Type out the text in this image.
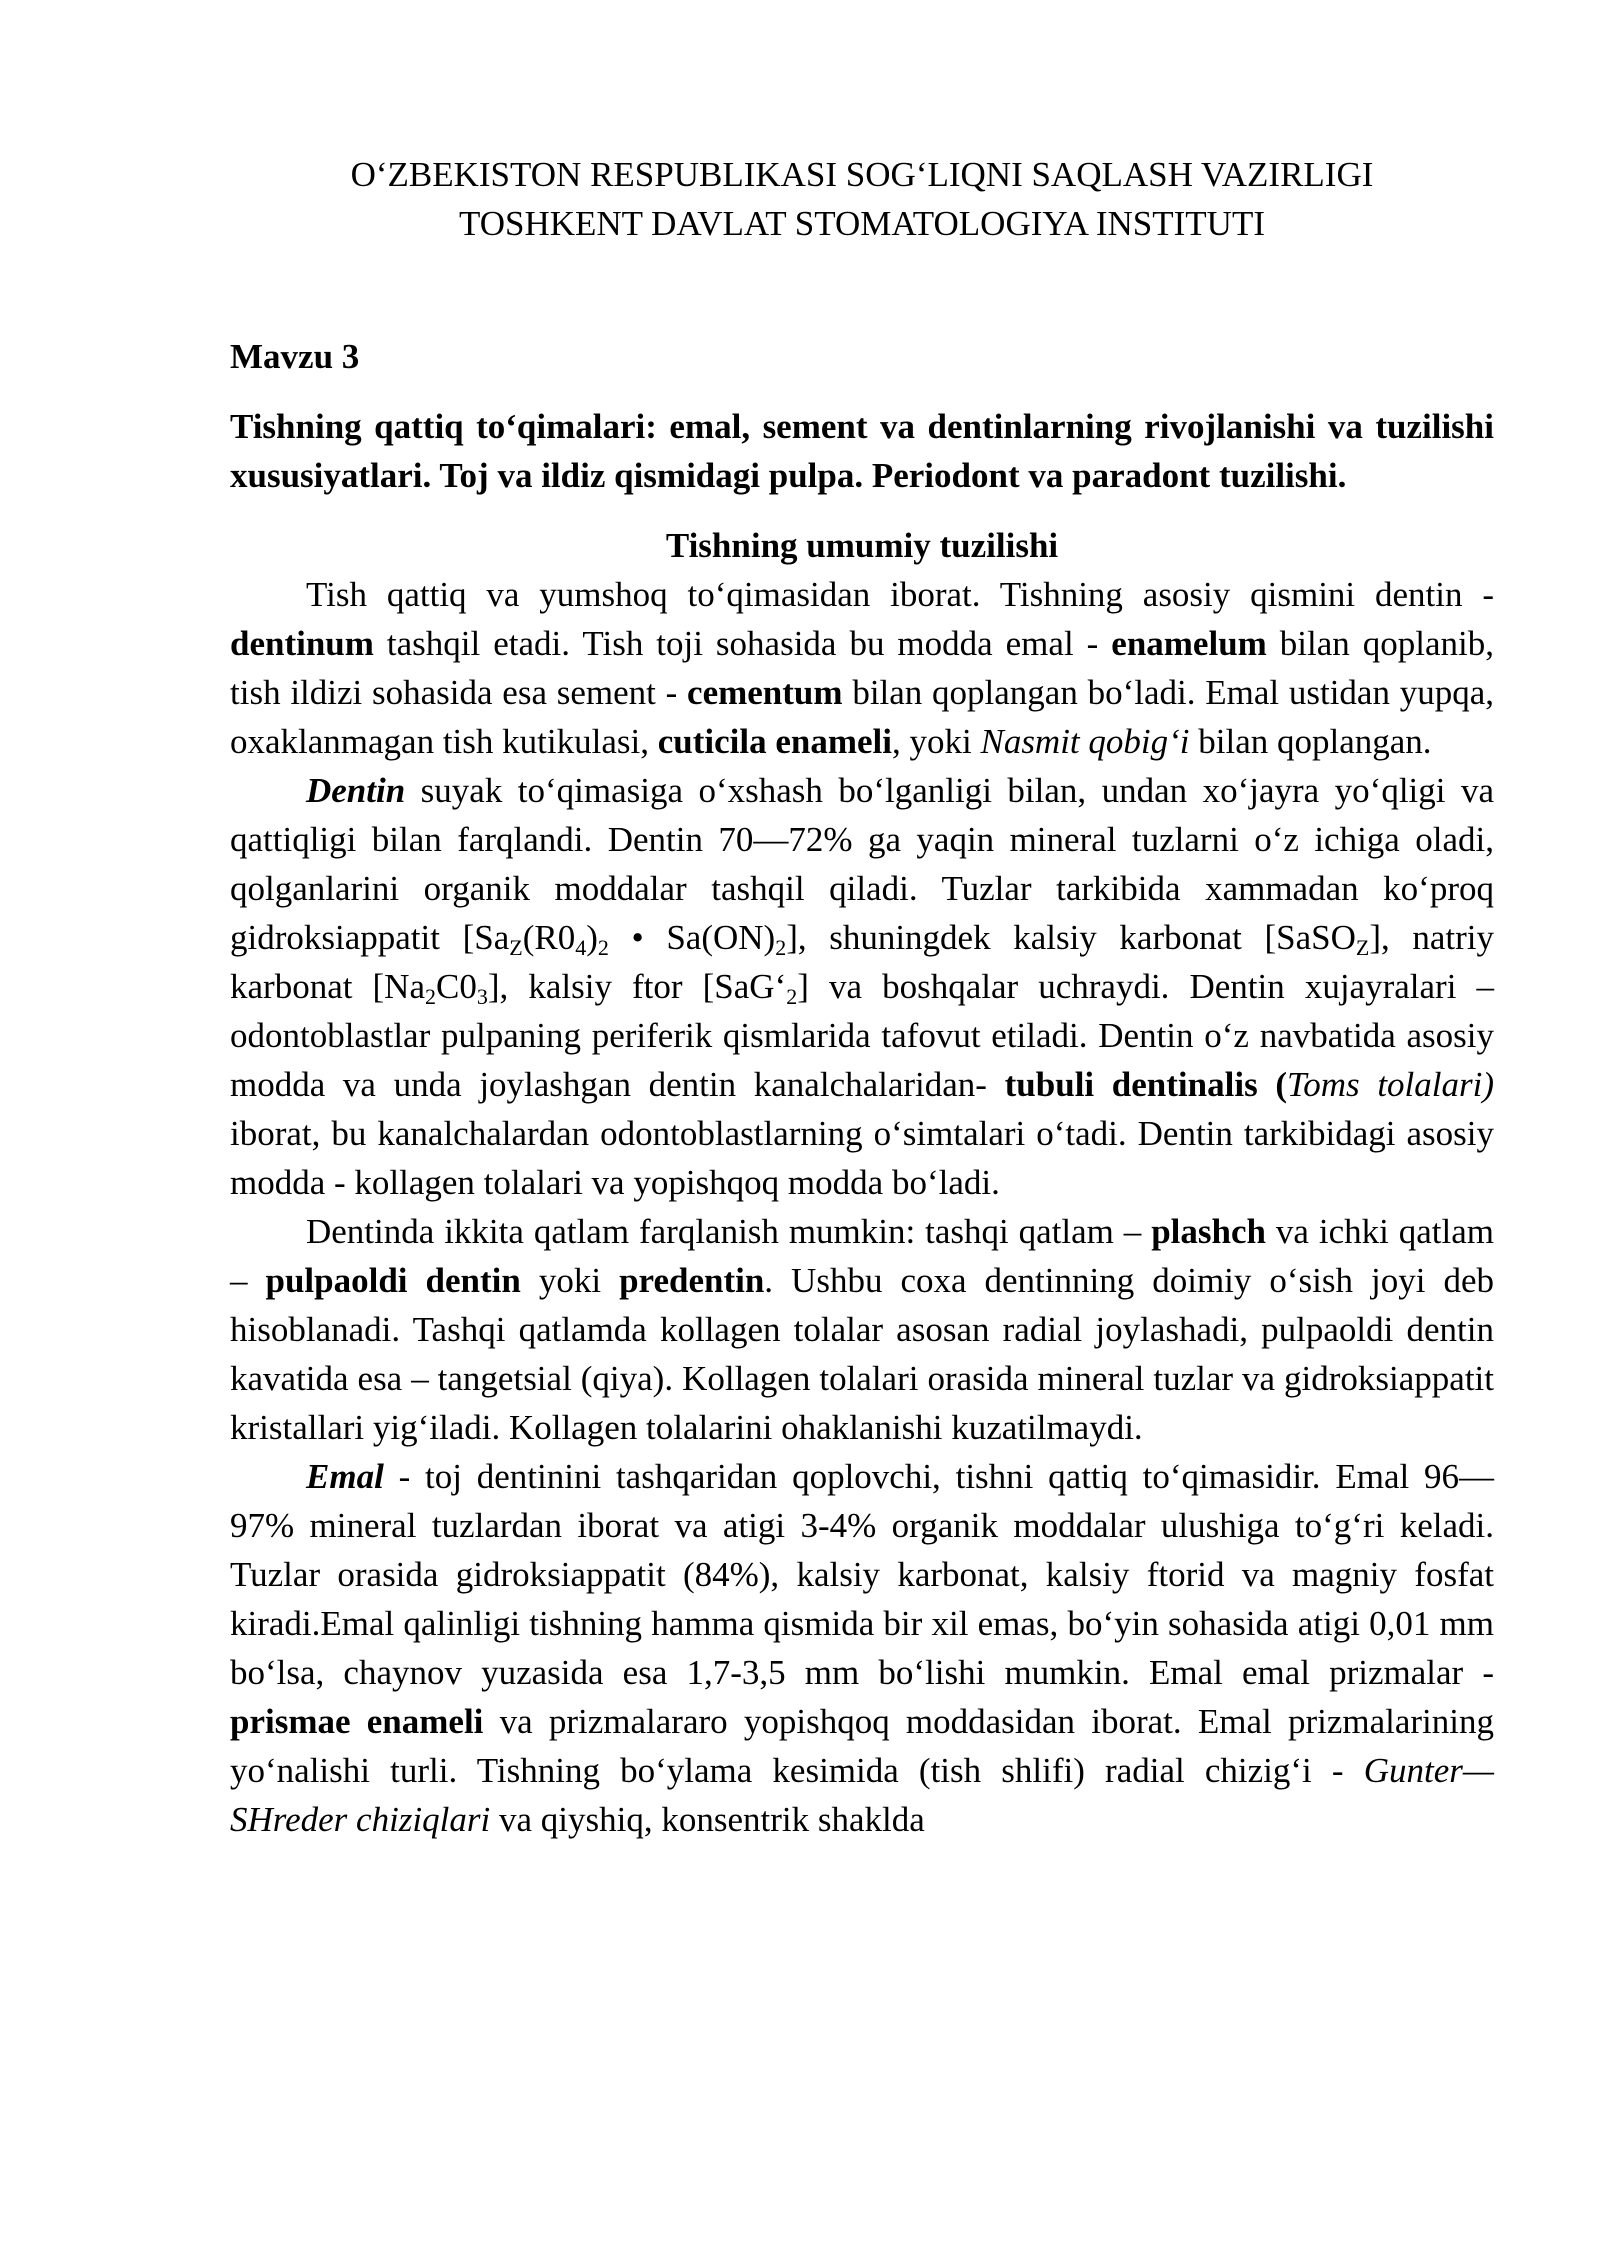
O‘ZBEKISTON RESPUBLIKASI SOG‘LIQNI SAQLASH VAZIRLIGI
TOSHKENT DAVLAT STOMATOLOGIYA INSTITUTI
Mavzu 3
Tishning qattiq to‘qimalari: emal, sement va dentinlarning rivojlanishi va tuzilishi xususiyatlari. Toj va ildiz qismidagi pulpa. Periodont va paradont tuzilishi.
Tishning umumiy tuzilishi

Tish qattiq va yumshoq to‘qimasidan iborat. Tishning asosiy qismini dentin - dentinum tashqil etadi. Tish toji sohasida bu modda emal - enamelum bilan qoplanib, tish ildizi sohasida esa sement - cementum bilan qoplangan bo‘ladi. Emal ustidan yupqa, oxaklanmagan tish kutikulasi, cuticila enameli, yoki Nasmit qobig‘i bilan qoplangan.

Dentin suyak to‘qimasiga o‘xshash bo‘lganligi bilan, undan xo‘jayra yo‘qligi va qattiqligi bilan farqlandi. Dentin 70—72% ga yaqin mineral tuzlarni o‘z ichiga oladi, qolganlarini organik moddalar tashqil qiladi. Tuzlar tarkibida xammadan ko‘proq gidroksiappatit [$Sa_Z(R0_4)_2$ • $Sa(ON)_2$], shuningdek kalsiy karbonat [SaSO$_Z$], natriy karbonat $[Na_2C0_3]$, kalsiy ftor $[SaG‘_2]$ va boshqalar uchraydi. Dentin xujayralari – odontoblastlar pulpaning periferik qismlarida tafovut etiladi. Dentin o‘z navbatida asosiy modda va unda joylashgan dentin kanalchalaridan- tubuli dentinalis (Toms tolalari) iborat, bu kanalchalardan odontoblastlarning o‘simtalari o‘tadi. Dentin tarkibidagi asosiy modda - kollagen tolalari va yopishqoq modda bo‘ladi.

Dentinda ikkita qatlam farqlanish mumkin: tashqi qatlam – plashch va ichki qatlam – pulpaoldi dentin yoki predentin. Ushbu coxa dentinning doimiy o‘sish joyi deb hisoblanadi. Tashqi qatlamda kollagen tolalar asosan radial joylashadi, pulpaoldi dentin kavatida esa – tangetsial (qiya). Kollagen tolalari orasida mineral tuzlar va gidroksiappatit kristallari yig‘iladi. Kollagen tolalarini ohaklanishi kuzatilmaydi.

Emal - toj dentinini tashqaridan qoplovchi, tishni qattiq to‘qimasidir. Emal 96—97% mineral tuzlardan iborat va atigi 3-4% organik moddalar ulushiga to‘g‘ri keladi. Tuzlar orasida gidroksiappatit (84%), kalsiy karbonat, kalsiy ftorid va magniy fosfat kiradi.Emal qalinligi tishning hamma qismida bir xil emas, bo‘yin sohasida atigi 0,01 mm bo‘lsa, chaynov yuzasida esa 1,7-3,5 mm bo‘lishi mumkin. Emal emal prizmalar - prismae enameli va prizmalararo yopishqoq moddasidan iborat. Emal prizmalarining yo‘nalishi turli. Tishning bo‘ylama kesimida (tish shlifi) radial chizig‘i - Gunter—SHreder chiziqlari va qiyshiq, konsentrik shaklda
